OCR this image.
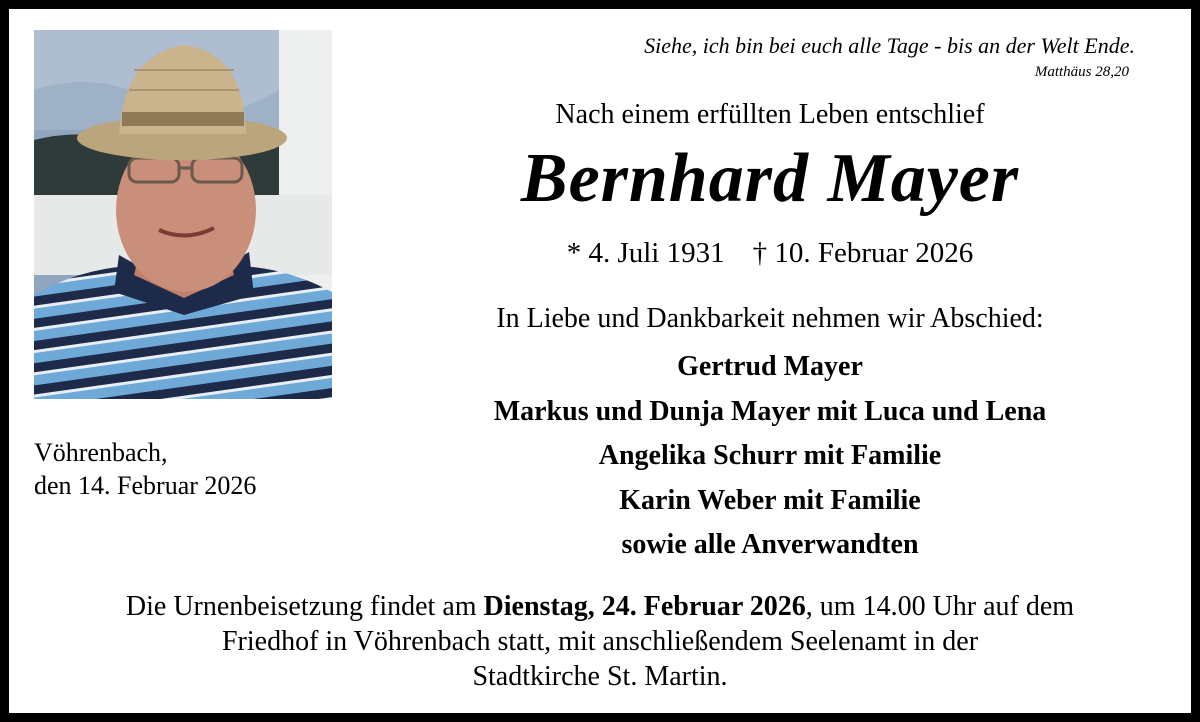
Siehe, ich bin bei euch alle Tage - bis an der Welt Ende.
Matthäus 28,20
Nach einem erfüllten Leben entschlief
Bernhard Mayer
* 4. Juli 1931 † 10. Februar 2026
In Liebe und Dankbarkeit nehmen wir Abschied:
Gertrud Mayer
Markus und Dunja Mayer mit Luca und Lena
Angelika Schurr mit Familie
Karin Weber mit Familie
sowie alle Anverwandten
Vöhrenbach,
den 14. Februar 2026
Die Urnenbeisetzung findet am Dienstag, 24. Februar 2026, um 14.00 Uhr auf dem
Friedhof in Vöhrenbach statt, mit anschließendem Seelenamt in der
Stadtkirche St. Martin.
